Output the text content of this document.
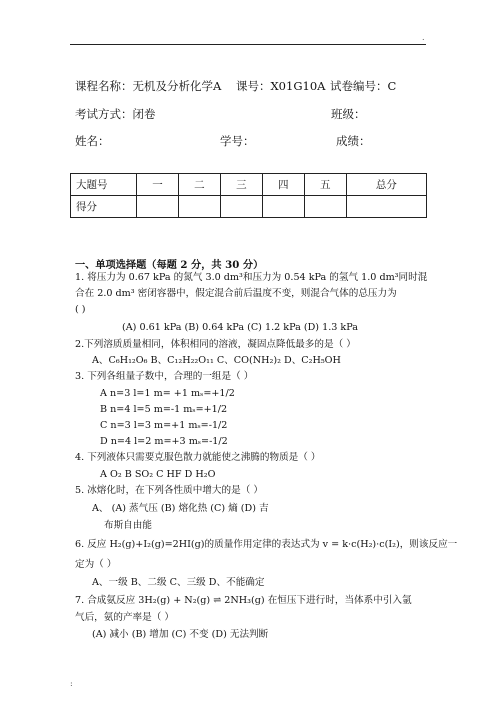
.
课程名称：无机及分析化学A 课号：X01G10A 试卷编号：C
考试方式：闭卷	班级：
姓名：	学号：	成绩：
大题号	一	二	三	四	五	总分
得分						
一、单项选择题（每题 2 分，共 30 分）
1. 将压力为 0.67 kPa 的氮气 3.0 dm³和压力为 0.54 kPa 的氢气 1.0 dm³同时混
合在 2.0 dm³ 密闭容器中，假定混合前后温度不变，则混合气体的总压力为
( )
(A) 0.61 kPa (B) 0.64 kPa (C) 1.2 kPa (D) 1.3 kPa
2.下列溶质质量相同，体积相同的溶液，凝固点降低最多的是（ ）
A、C₆H₁₂O₆ B、C₁₂H₂₂O₁₁ C、CO(NH₂)₂ D、C₂H₅OH
3. 下列各组量子数中，合理的一组是（ ）
A n=3 l=1 m= +1 mₛ=+1/2
B n=4 l=5 m=-1 mₛ=+1/2
C n=3 l=3 m=+1 mₛ=-1/2
D n=4 l=2 m=+3 mₛ=-1/2
4. 下列液体只需要克服色散力就能使之沸腾的物质是（ ）
A O₂ B SO₂ C HF D H₂O
5. 冰熔化时，在下列各性质中增大的是（ ）
A、 (A) 蒸气压 (B) 熔化热 (C) 熵 (D) 吉
布斯自由能
6. 反应 H₂(g)+I₂(g)=2HI(g)的质量作用定律的表达式为 v = k·c(H₂)·c(I₂)，则该反应一
定为（ ）
A、一级 B、二级 C、三级 D、不能确定
7. 合成氨反应 3H₂(g) + N₂(g) ⇌ 2NH₃(g) 在恒压下进行时，当体系中引入氩
气后，氨的产率是（ ）
(A) 减小 (B) 增加 (C) 不变 (D) 无法判断
:
